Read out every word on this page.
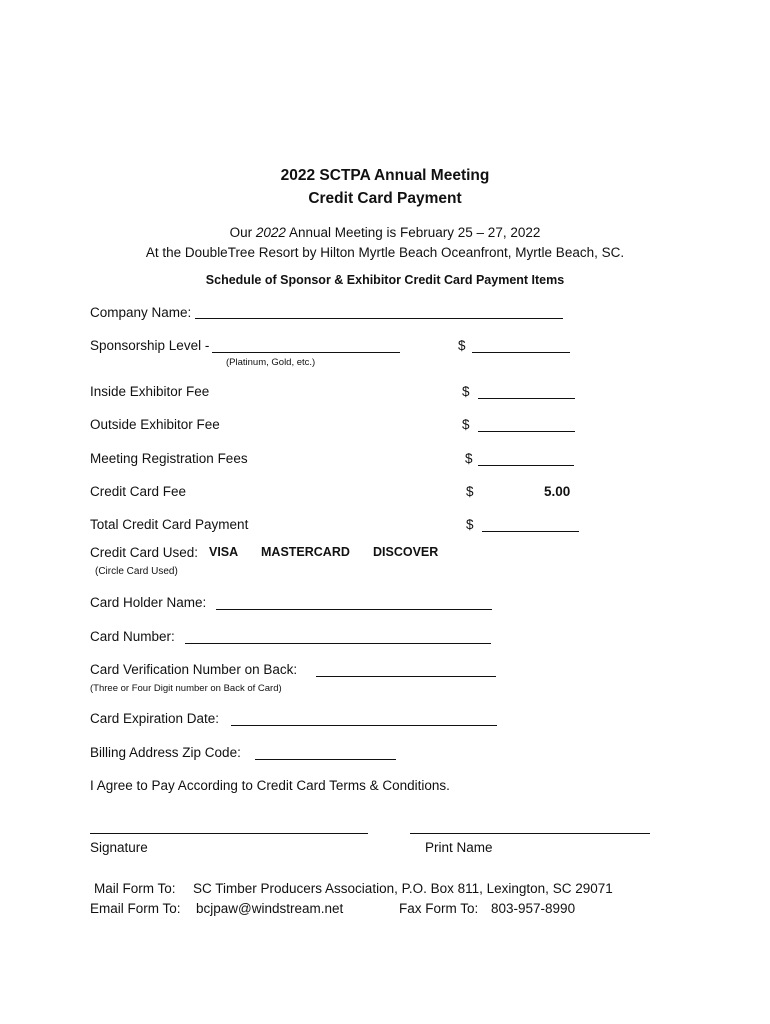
2022 SCTPA Annual Meeting
Credit Card Payment
Our 2022 Annual Meeting is February 25 – 27, 2022
At the DoubleTree Resort by Hilton Myrtle Beach Oceanfront, Myrtle Beach, SC.
Schedule of Sponsor & Exhibitor Credit Card Payment Items
Company Name:
Sponsorship Level -	$
(Platinum, Gold, etc.)
Inside Exhibitor Fee	$
Outside Exhibitor Fee	$
Meeting Registration Fees	$
Credit Card Fee	$	5.00
Total Credit Card Payment	$
Credit Card Used: VISA MASTERCARD DISCOVER
(Circle Card Used)
Card Holder Name:
Card Number:
Card Verification Number on Back:
(Three or Four Digit number on Back of Card)
Card Expiration Date:
Billing Address Zip Code:
I Agree to Pay According to Credit Card Terms & Conditions.
Signature	Print Name
Mail Form To: SC Timber Producers Association, P.O. Box 811, Lexington, SC 29071
Email Form To: bcjpaw@windstream.net	Fax Form To: 803-957-8990
